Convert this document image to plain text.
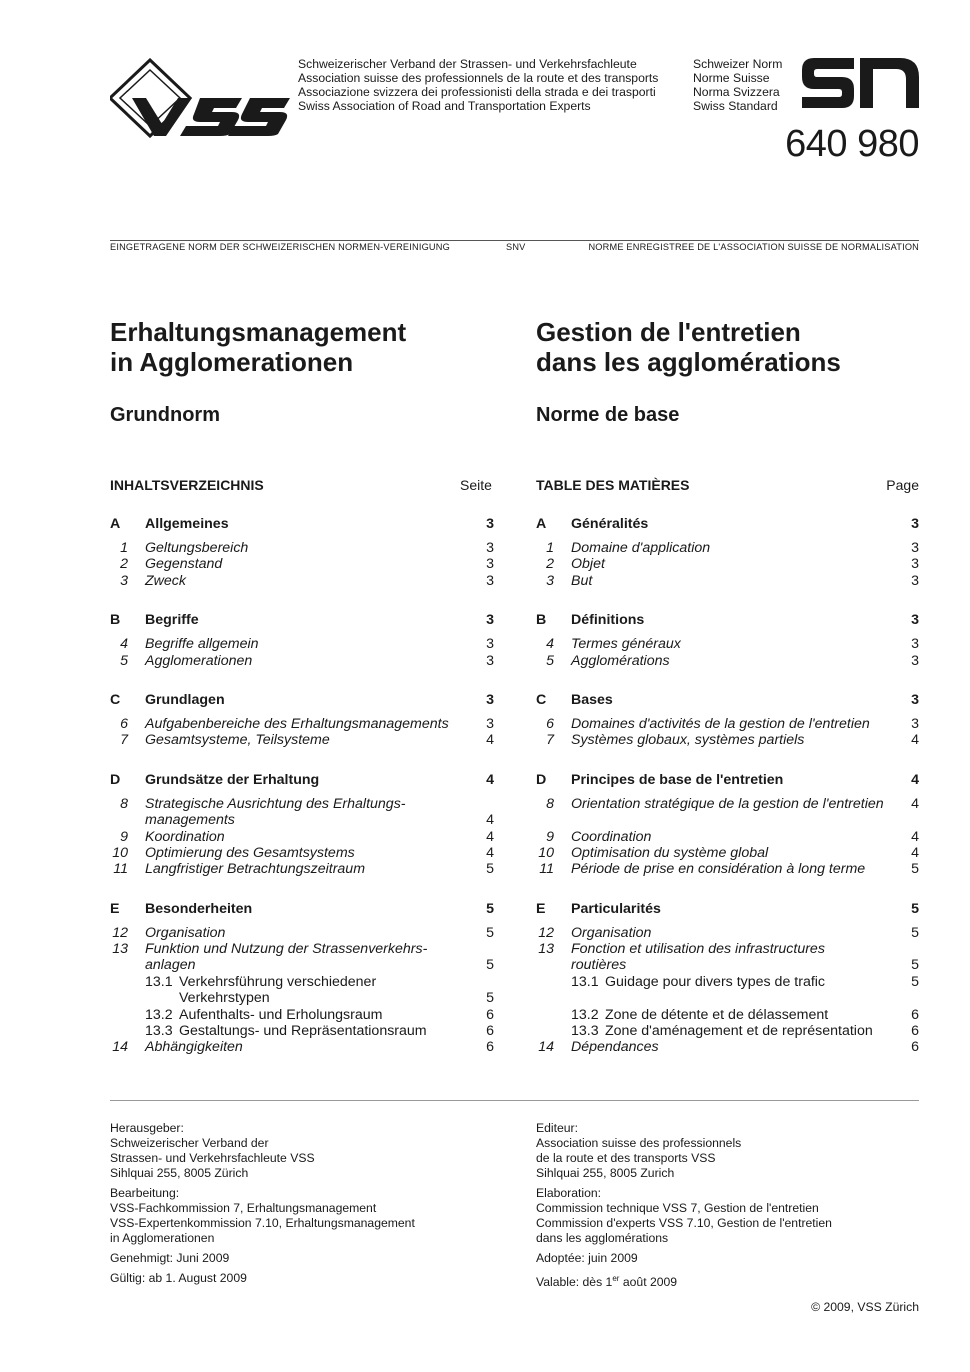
Schweizerischer Verband der Strassen- und Verkehrsfachleute
Association suisse des professionnels de la route et des transports
Associazione svizzera dei professionisti della strada e dei trasporti
Swiss Association of Road and Transportation Experts
Schweizer Norm
Norme Suisse
Norma Svizzera
Swiss Standard
640 980
EINGETRAGENE NORM DER SCHWEIZERISCHEN NORMEN-VEREINIGUNG	SNV	NORME ENREGISTREE DE L'ASSOCIATION SUISSE DE NORMALISATION
Erhaltungsmanagement
in Agglomerationen
Gestion de l'entretien
dans les agglomérations
Grundnorm	Norme de base
INHALTSVERZEICHNIS	Seite	TABLE DES MATIÈRES	Page
A	Allgemeines	3
1 Geltungsbereich	3
2 Gegenstand	3
3 Zweck	3
B	Begriffe	3
4 Begriffe allgemein	3
5 Agglomerationen	3
C	Grundlagen	3
6 Aufgabenbereiche des Erhaltungsmanagements	3
7 Gesamtsysteme, Teilsysteme	4
D	Grundsätze der Erhaltung	4
8 Strategische Ausrichtung des Erhaltungs-
managements	4
9 Koordination	4
10 Optimierung des Gesamtsystems	4
11 Langfristiger Betrachtungszeitraum	5
E	Besonderheiten	5
12 Organisation	5
13 Funktion und Nutzung der Strassenverkehrs-
anlagen	5
13.1 Verkehrsführung verschiedener
Verkehrstypen	5
13.2 Aufenthalts- und Erholungsraum	6
13.3 Gestaltungs- und Repräsentationsraum	6
14 Abhängigkeiten	6
A	Généralités	3
1 Domaine d'application	3
2 Objet	3
3 But	3
B	Définitions	3
4 Termes généraux	3
5 Agglomérations	3
C	Bases	3
6 Domaines d'activités de la gestion de l'entretien	3
7 Systèmes globaux, systèmes partiels	4
D	Principes de base de l'entretien	4
8 Orientation stratégique de la gestion de l'entretien 4
9 Coordination	4
10 Optimisation du système global	4
11 Période de prise en considération à long terme	5
E	Particularités	5
12 Organisation	5
13 Fonction et utilisation des infrastructures
routières	5
13.1 Guidage pour divers types de trafic	5
13.2 Zone de détente et de délassement	6
13.3 Zone d'aménagement et de représentation	6
14 Dépendances	6
Herausgeber:
Schweizerischer Verband der
Strassen- und Verkehrsfachleute VSS
Sihlquai 255, 8005 Zürich
Bearbeitung:
VSS-Fachkommission 7, Erhaltungsmanagement
VSS-Expertenkommission 7.10, Erhaltungsmanagement
in Agglomerationen
Genehmigt: Juni 2009
Gültig: ab 1. August 2009
Editeur:
Association suisse des professionnels
de la route et des transports VSS
Sihlquai 255, 8005 Zurich
Elaboration:
Commission technique VSS 7, Gestion de l'entretien
Commission d'experts VSS 7.10, Gestion de l'entretien
dans les agglomérations
Adoptée: juin 2009
Valable: dès 1er août 2009
© 2009, VSS Zürich
